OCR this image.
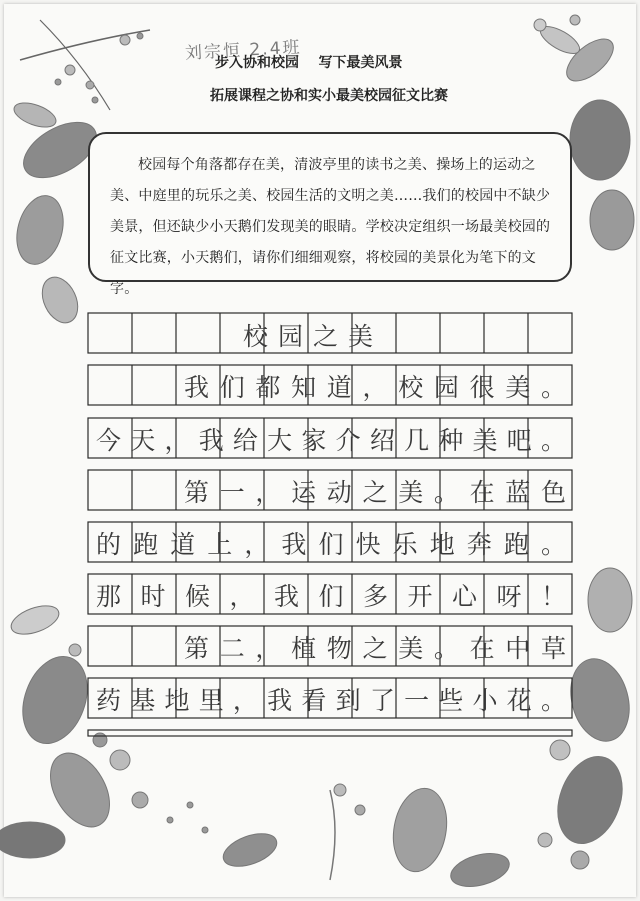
刘宗恒 2.4班
步入协和校园    写下最美风景
拓展课程之协和实小最美校园征文比赛

校园每个角落都存在美，清波亭里的读书之美、操场上的运动之美、中庭里的玩乐之美、校园生活的文明之美……我们的校园中不缺少美景，但还缺少小天鹅们发现美的眼睛。学校决定组织一场最美校园的征文比赛，小天鹅们，请你们细细观察，将校园的美景化为笔下的文字。

校园之美
我们都知道，校园很美。
今天，我给大家介绍几种美吧。
第一，运动之美。在蓝色
的跑道上，我们快乐地奔跑。
那时候，我们多开心呀！
第二，植物之美。在中草
药基地里，我看到了一些小花。
